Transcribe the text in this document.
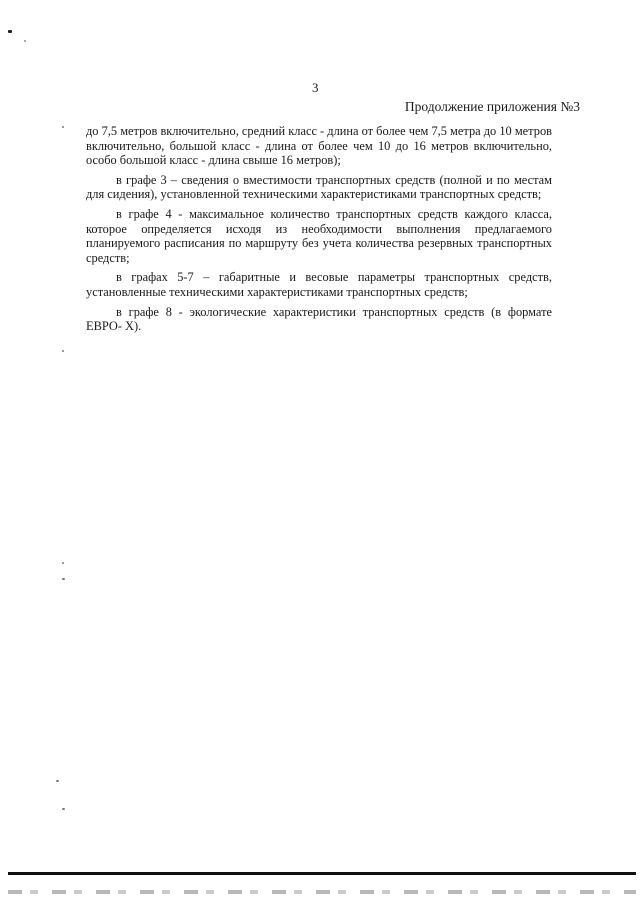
3
Продолжение приложения №3

до 7,5 метров включительно, средний класс - длина от более чем 7,5 метра до 10 метров включительно, большой класс - длина от более чем 10 до 16 метров включительно, особо большой класс - длина свыше 16 метров);

в графе 3 – сведения о вместимости транспортных средств (полной и по местам для сидения), установленной техническими характеристиками транспортных средств;

в графе 4 - максимальное количество транспортных средств каждого класса, которое определяется исходя из необходимости выполнения предлагаемого планируемого расписания по маршруту без учета количества резервных транспортных средств;

в графах 5-7 – габаритные и весовые параметры транспортных средств, установленные техническими характеристиками транспортных средств;

в графе 8 - экологические характеристики транспортных средств (в формате ЕВРО- X).
